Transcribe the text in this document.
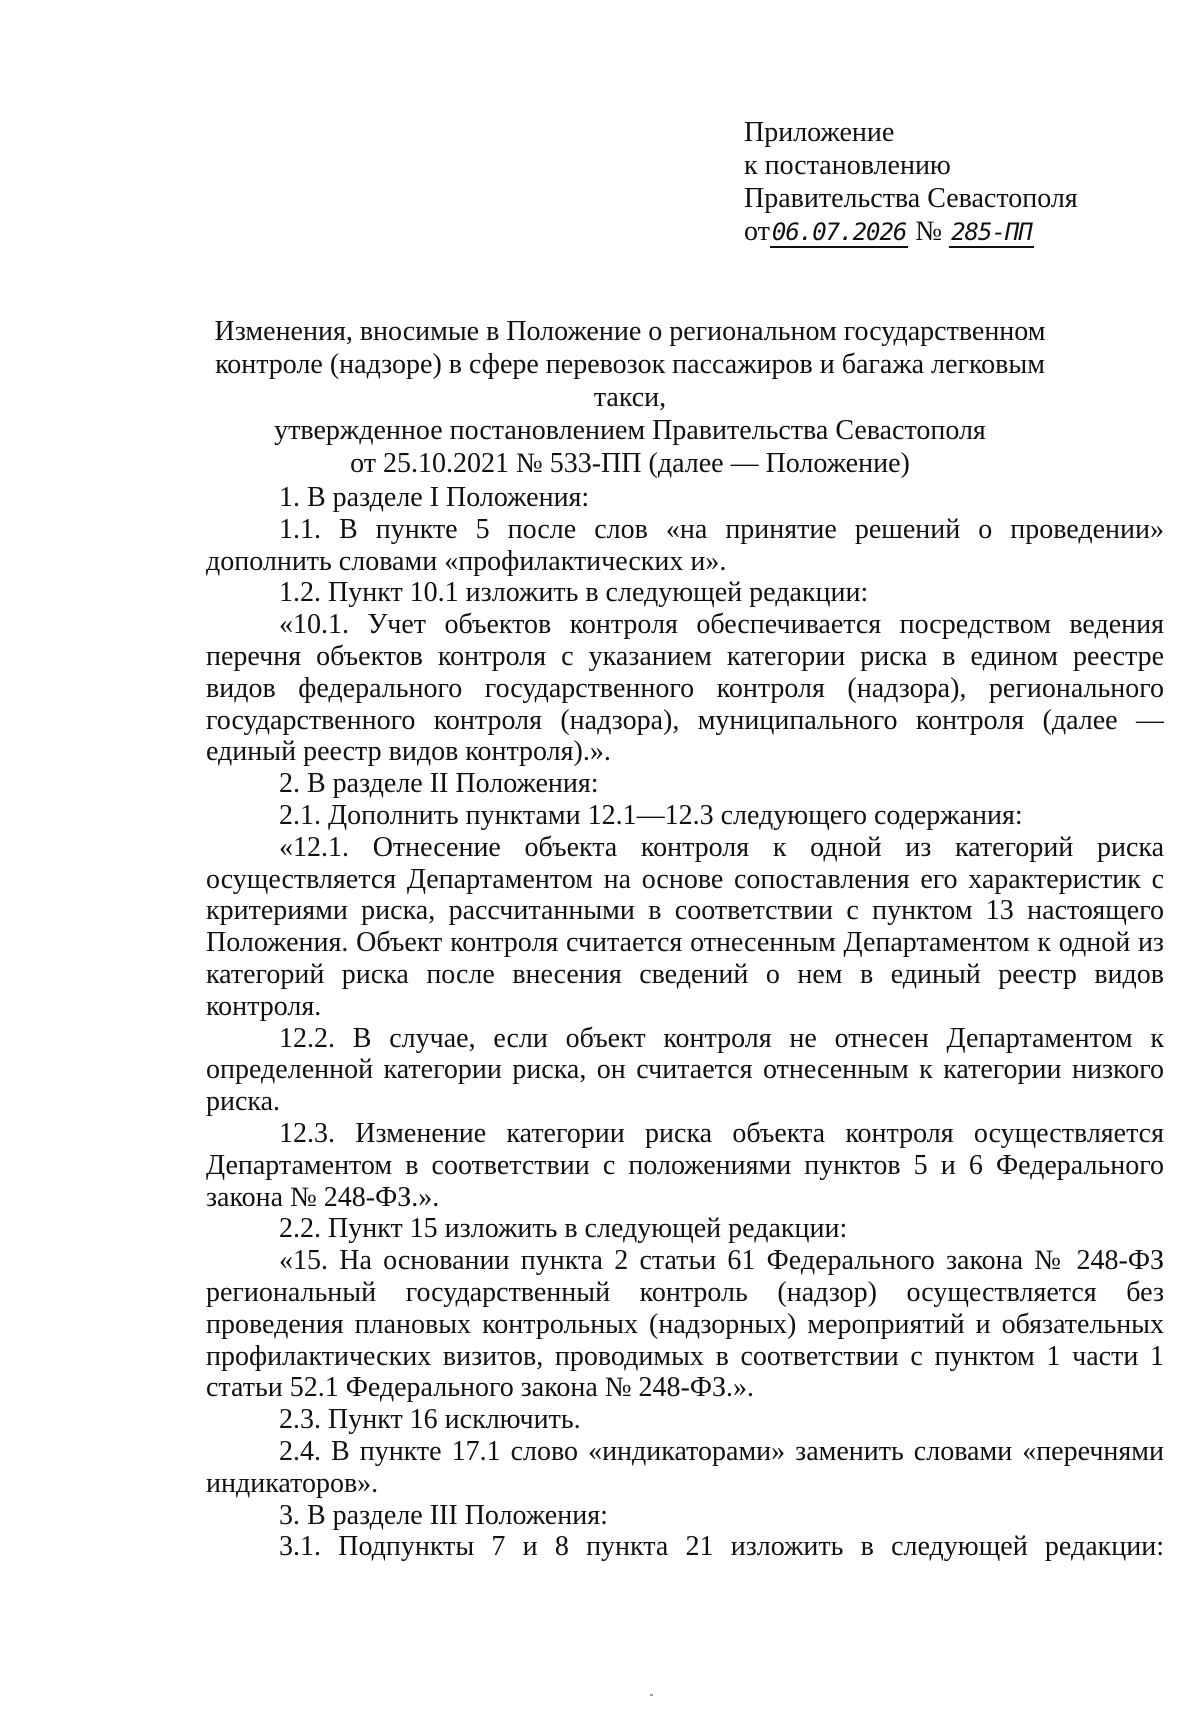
Приложение
к постановлению
Правительства Севастополя
от06.07.2026 № 285-ПП
Изменения, вносимые в Положение о региональном государственном
контроле (надзоре) в сфере перевозок пассажиров и багажа легковым такси,
утвержденное постановлением Правительства Севастополя
от 25.10.2021 № 533-ПП (далее — Положение)

1. В разделе I Положения:

1.1. В пункте 5 после слов «на принятие решений о проведении» дополнить словами «профилактических и».

1.2. Пункт 10.1 изложить в следующей редакции:

«10.1. Учет объектов контроля обеспечивается посредством ведения перечня объектов контроля с указанием категории риска в едином реестре видов федерального государственного контроля (надзора), регионального государственного контроля (надзора), муниципального контроля (далее — единый реестр видов контроля).».

2. В разделе II Положения:

2.1. Дополнить пунктами 12.1—12.3 следующего содержания:

«12.1. Отнесение объекта контроля к одной из категорий риска осуществляется Департаментом на основе сопоставления его характеристик с критериями риска, рассчитанными в соответствии с пунктом 13 настоящего Положения. Объект контроля считается отнесенным Департаментом к одной из категорий риска после внесения сведений о нем в единый реестр видов контроля.

12.2. В случае, если объект контроля не отнесен Департаментом к определенной категории риска, он считается отнесенным к категории низкого риска.

12.3. Изменение категории риска объекта контроля осуществляется Департаментом в соответствии с положениями пунктов 5 и 6 Федерального закона № 248-ФЗ.».

2.2. Пункт 15 изложить в следующей редакции:

«15. На основании пункта 2 статьи 61 Федерального закона № 248-ФЗ региональный государственный контроль (надзор) осуществляется без проведения плановых контрольных (надзорных) мероприятий и обязательных профилактических визитов, проводимых в соответствии с пунктом 1 части 1 статьи 52.1 Федерального закона № 248-ФЗ.».

2.3. Пункт 16 исключить.

2.4. В пункте 17.1 слово «индикаторами» заменить словами «перечнями индикаторов».

3. В разделе III Положения:

3.1. Подпункты 7 и 8 пункта 21 изложить в следующей редакции:
